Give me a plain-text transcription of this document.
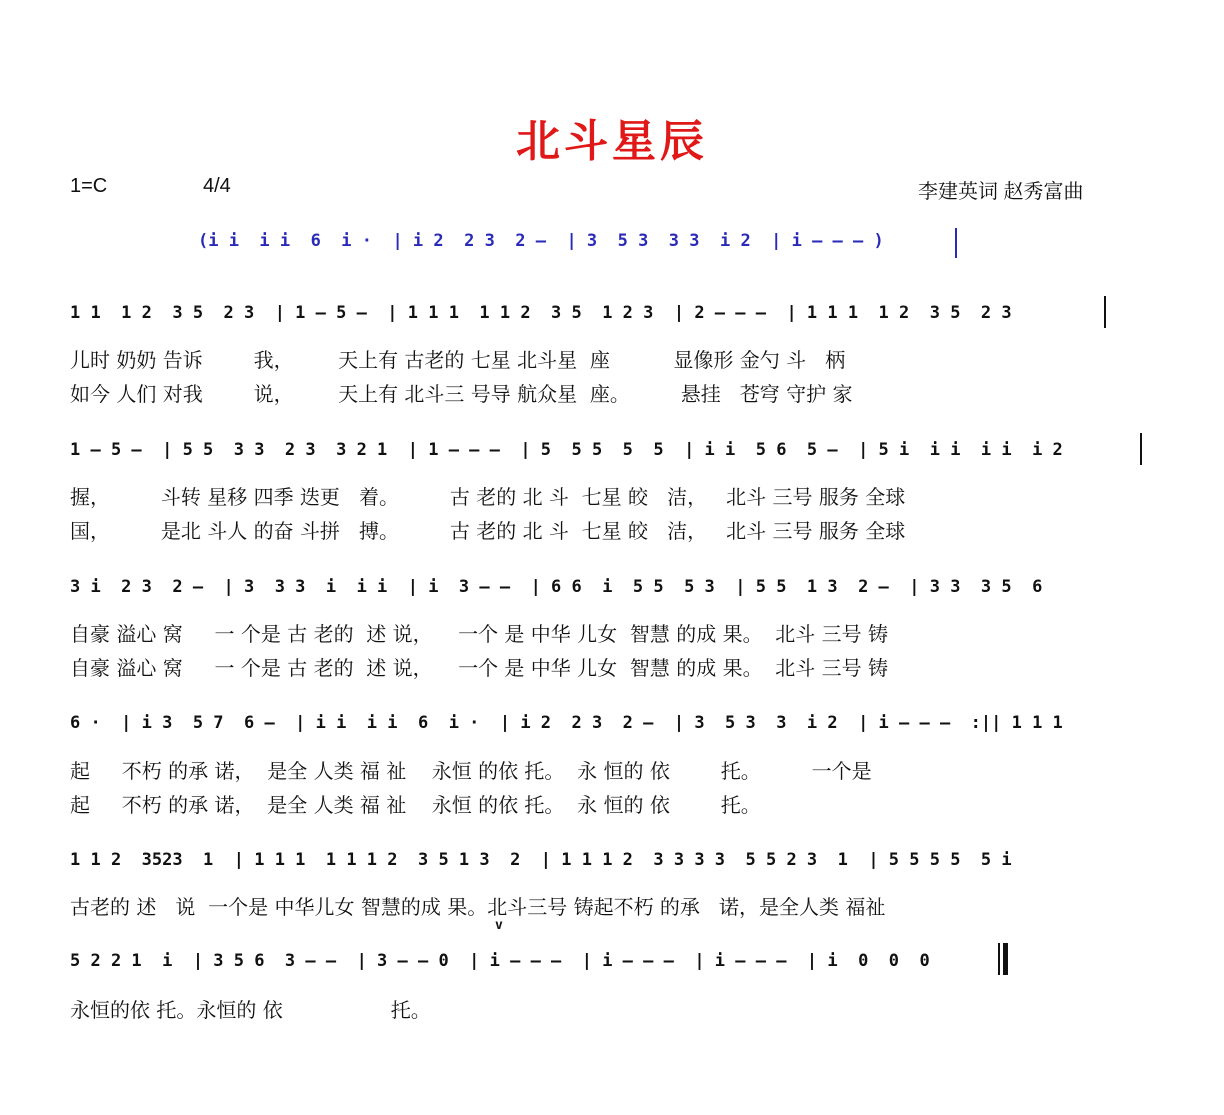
北斗星辰
1=C	4/4	李建英词 赵秀富曲
(i i  i i  6  i ·  | i 2  2 3  2 –  | 3  5 3  3 3  i 2  | i – – – )
1 1  1 2  3 5  2 3  | 1 – 5 –  | 1 1 1  1 1 2  3 5  1 2 3  | 2 – – –  | 1 1 1  1 2  3 5  2 3
儿时 奶奶 告诉        我，       天上有 古老的 七星 北斗星  座          显像形 金勺 斗   柄
如今 人们 对我        说，       天上有 北斗三 号导 航众星  座。        悬挂   苍穹 守护 家
1 – 5 –  | 5 5  3 3  2 3  3 2 1  | 1 – – –  | 5  5 5  5  5  | i i  5 6  5 –  | 5 i  i i  i i  i 2
握，        斗转 星移 四季 迭更   着。        古 老的 北 斗  七星 皎   洁，   北斗 三号 服务 全球
国，        是北 斗人 的奋 斗拼   搏。        古 老的 北 斗  七星 皎   洁，   北斗 三号 服务 全球
3 i  2 3  2 –  | 3  3 3  i  i i  | i  3 – –  | 6 6  i  5 5  5 3  | 5 5  1 3  2 –  | 3 3  3 5  6
自豪 溢心 窝     一 个是 古 老的  述 说，    一个 是 中华 儿女  智慧 的成 果。  北斗 三号 铸
自豪 溢心 窝     一 个是 古 老的  述 说，    一个 是 中华 儿女  智慧 的成 果。  北斗 三号 铸
6 ·  | i 3  5 7  6 –  | i i  i i  6  i ·  | i 2  2 3  2 –  | 3  5 3  3  i 2  | i – – –  :|| 1 1 1
起     不朽 的承 诺，  是全 人类 福 祉    永恒 的依 托。  永 恒的 依        托。        一个是
起     不朽 的承 诺，  是全 人类 福 祉    永恒 的依 托。  永 恒的 依        托。
1 1 2  3523  1  | 1 1 1  1 1 1 2  3 5 1 3  2  | 1 1 1 2  3 3 3 3  5 5 2 3  1  | 5 5 5 5  5 i
古老的 述   说  一个是 中华儿女 智慧的成 果。北斗三号 铸起不朽 的承   诺，是全人类 福祉
v
5 2 2 1  i  | 3 5 6  3 – –  | 3 – – 0  | i – – –  | i – – –  | i – – –  | i  0  0  0
永恒的依 托。永恒的 依                 托。
